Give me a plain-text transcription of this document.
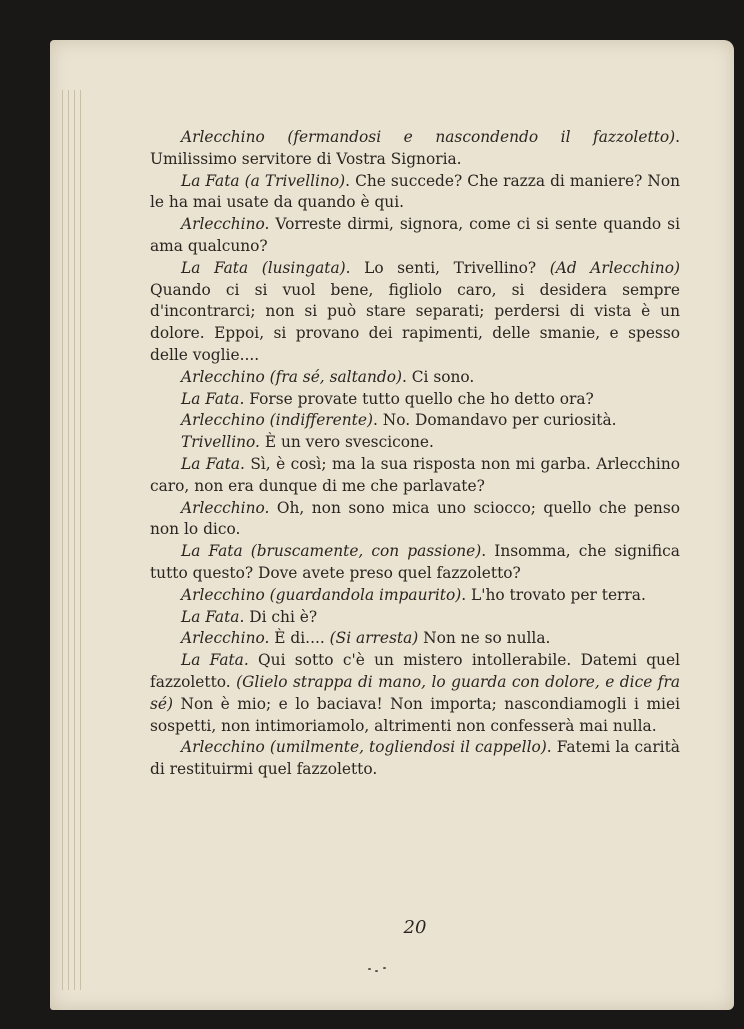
Arlecchino (fermandosi e nascondendo il fazzoletto). Umilissimo servitore di Vostra Signoria.

La Fata (a Trivellino). Che succede? Che razza di maniere? Non le ha mai usate da quando è qui.

Arlecchino. Vorreste dirmi, signora, come ci si sente quando si ama qualcuno?

La Fata (lusingata). Lo senti, Trivellino? (Ad Arlecchino) Quando ci si vuol bene, figliolo caro, si desidera sempre d'incontrarci; non si può stare separati; perdersi di vista è un dolore. Eppoi, si provano dei rapimenti, delle smanie, e spesso delle voglie....

Arlecchino (fra sé, saltando). Ci sono.

La Fata. Forse provate tutto quello che ho detto ora?

Arlecchino (indifferente). No. Domandavo per curiosità.

Trivellino. È un vero svescicone.

La Fata. Sì, è così; ma la sua risposta non mi garba. Arlecchino caro, non era dunque di me che parlavate?

Arlecchino. Oh, non sono mica uno sciocco; quello che penso non lo dico.

La Fata (bruscamente, con passione). Insomma, che significa tutto questo? Dove avete preso quel fazzoletto?

Arlecchino (guardandola impaurito). L'ho trovato per terra.

La Fata. Di chi è?

Arlecchino. È di.... (Si arresta) Non ne so nulla.

La Fata. Qui sotto c'è un mistero intollerabile. Datemi quel fazzoletto. (Glielo strappa di mano, lo guarda con dolore, e dice fra sé) Non è mio; e lo baciava! Non importa; nascondiamogli i miei sospetti, non intimoriamolo, altrimenti non confesserà mai nulla.

Arlecchino (umilmente, togliendosi il cappello). Fatemi la carità di restituirmi quel fazzoletto.

20
